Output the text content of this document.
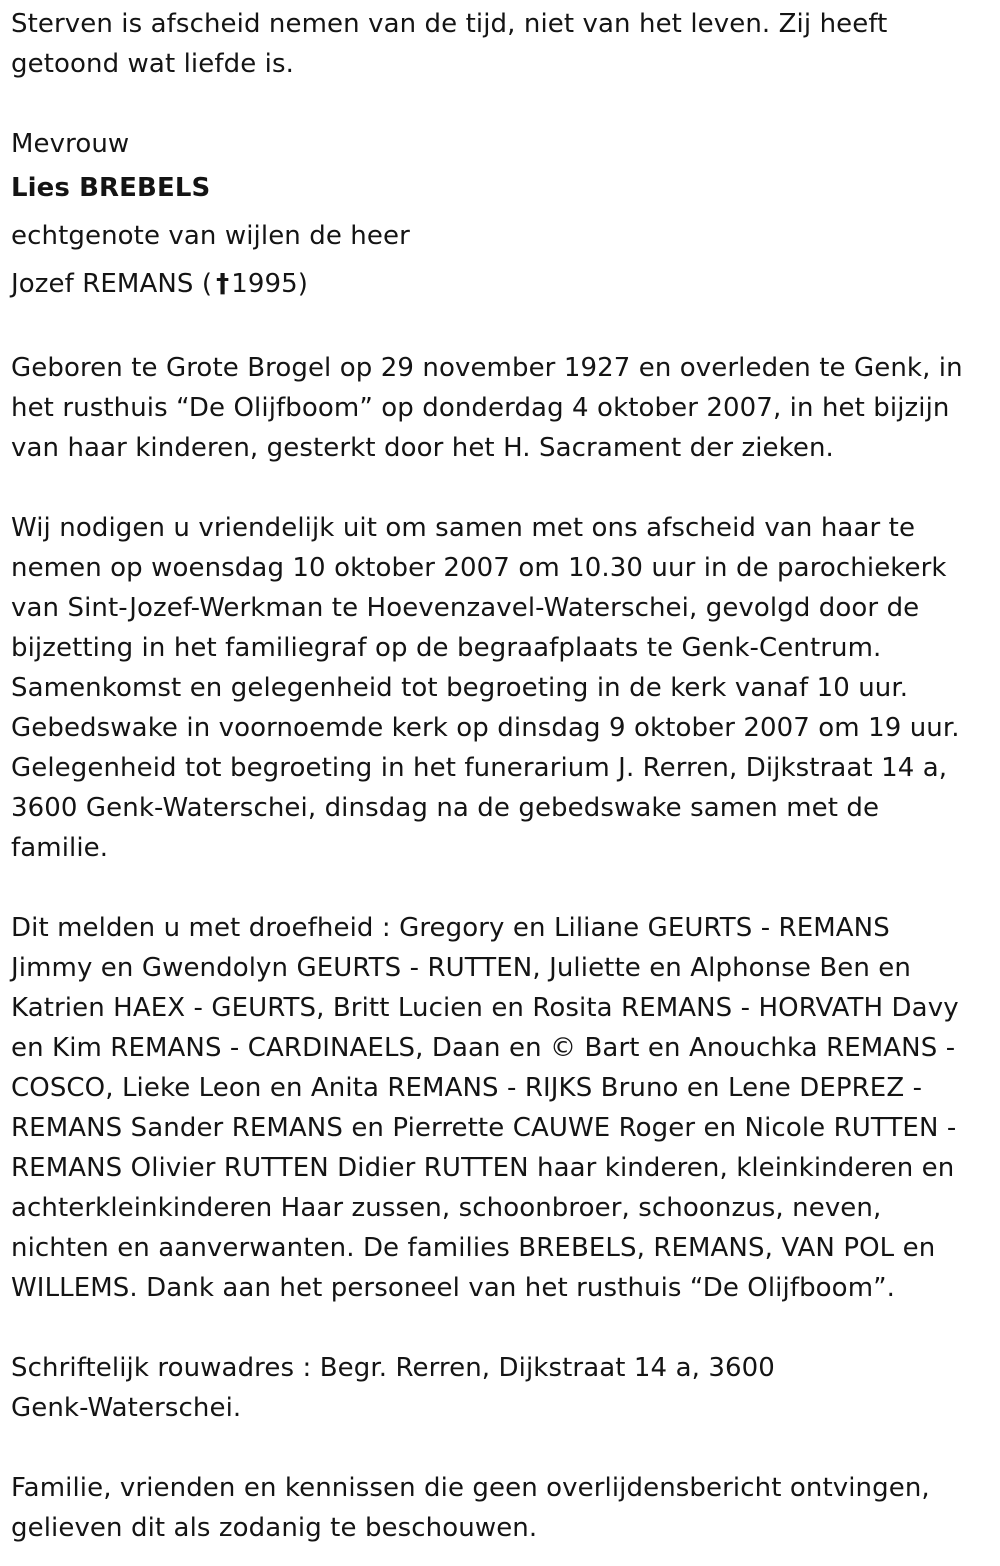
Sterven is afscheid nemen van de tijd, niet van het leven. Zij heeft
getoond wat liefde is.
Mevrouw
Lies BREBELS
echtgenote van wijlen de heer
Jozef REMANS ( †1995)
Geboren te Grote Brogel op 29 november 1927 en overleden te Genk, in
het rusthuis “De Olijfboom” op donderdag 4 oktober 2007, in het bijzijn
van haar kinderen, gesterkt door het H. Sacrament der zieken.
Wij nodigen u vriendelijk uit om samen met ons afscheid van haar te
nemen op woensdag 10 oktober 2007 om 10.30 uur in de parochiekerk
van Sint-Jozef-Werkman te Hoevenzavel-Waterschei, gevolgd door de
bijzetting in het familiegraf op de begraafplaats te Genk-Centrum.
Samenkomst en gelegenheid tot begroeting in de kerk vanaf 10 uur.
Gebedswake in voornoemde kerk op dinsdag 9 oktober 2007 om 19 uur.
Gelegenheid tot begroeting in het funerarium J. Rerren, Dijkstraat 14 a,
3600 Genk-Waterschei, dinsdag na de gebedswake samen met de
familie.
Dit melden u met droefheid : Gregory en Liliane GEURTS - REMANS
Jimmy en Gwendolyn GEURTS - RUTTEN, Juliette en Alphonse Ben en
Katrien HAEX - GEURTS, Britt Lucien en Rosita REMANS - HORVATH Davy
en Kim REMANS - CARDINAELS, Daan en © Bart en Anouchka REMANS -
COSCO, Lieke Leon en Anita REMANS - RIJKS Bruno en Lene DEPREZ -
REMANS Sander REMANS en Pierrette CAUWE Roger en Nicole RUTTEN -
REMANS Olivier RUTTEN Didier RUTTEN haar kinderen, kleinkinderen en
achterkleinkinderen Haar zussen, schoonbroer, schoonzus, neven,
nichten en aanverwanten. De families BREBELS, REMANS, VAN POL en
WILLEMS. Dank aan het personeel van het rusthuis “De Olijfboom”.
Schriftelijk rouwadres : Begr. Rerren, Dijkstraat 14 a, 3600
Genk-Waterschei.
Familie, vrienden en kennissen die geen overlijdensbericht ontvingen,
gelieven dit als zodanig te beschouwen.
